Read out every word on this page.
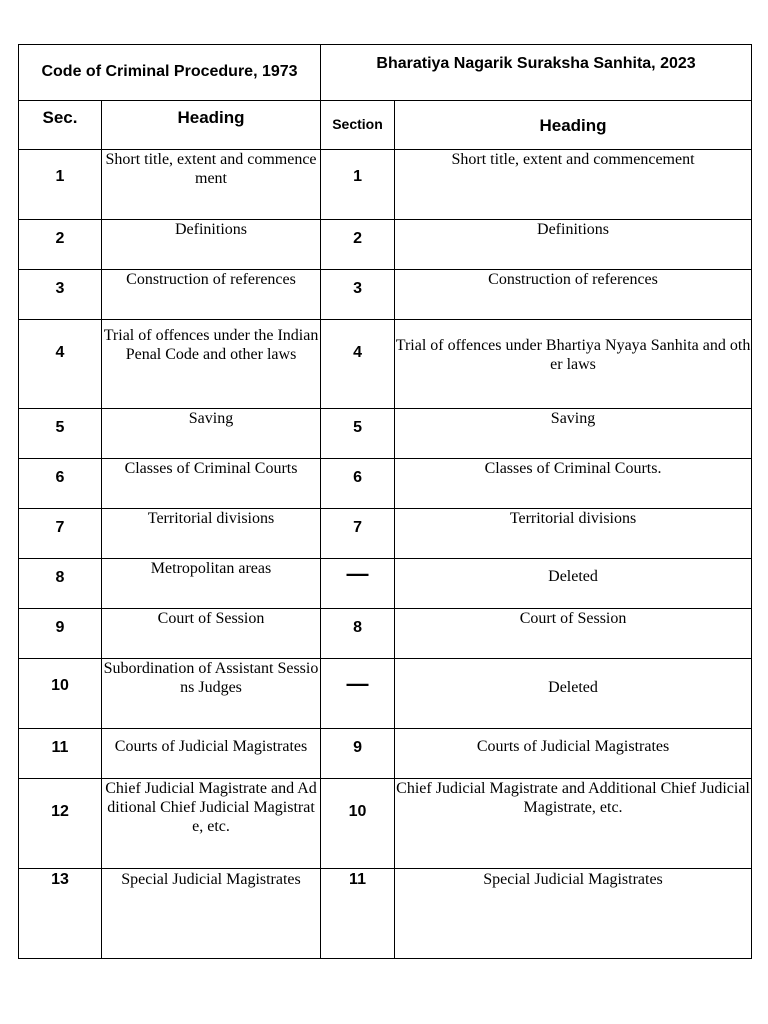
Code of Criminal Procedure, 1973		Bharatiya Nagarik Suraksha Sanhita, 2023	

Sec.	Heading	Section	Heading

1	Short title, extent and commencement	1	Short title, extent and commencement

2	Definitions	2	Definitions

3	Construction of references	3	Construction of references

4	Trial of offences under the Indian Penal Code and other laws	4	Trial of offences under Bhartiya Nyaya Sanhita and other laws

5	Saving	5	Saving

6	Classes of Criminal Courts	6	Classes of Criminal Courts.

7	Territorial divisions	7	Territorial divisions

8	Metropolitan areas	—	Deleted

9	Court of Session	8	Court of Session

10	Subordination of Assistant Sessions Judges	—	Deleted

11	Courts of Judicial Magistrates	9	Courts of Judicial Magistrates

12	Chief Judicial Magistrate and Additional Chief Judicial Magistrate, etc.	10	Chief Judicial Magistrate and Additional Chief Judicial Magistrate, etc.

13	Special Judicial Magistrates	11	Special Judicial Magistrates
